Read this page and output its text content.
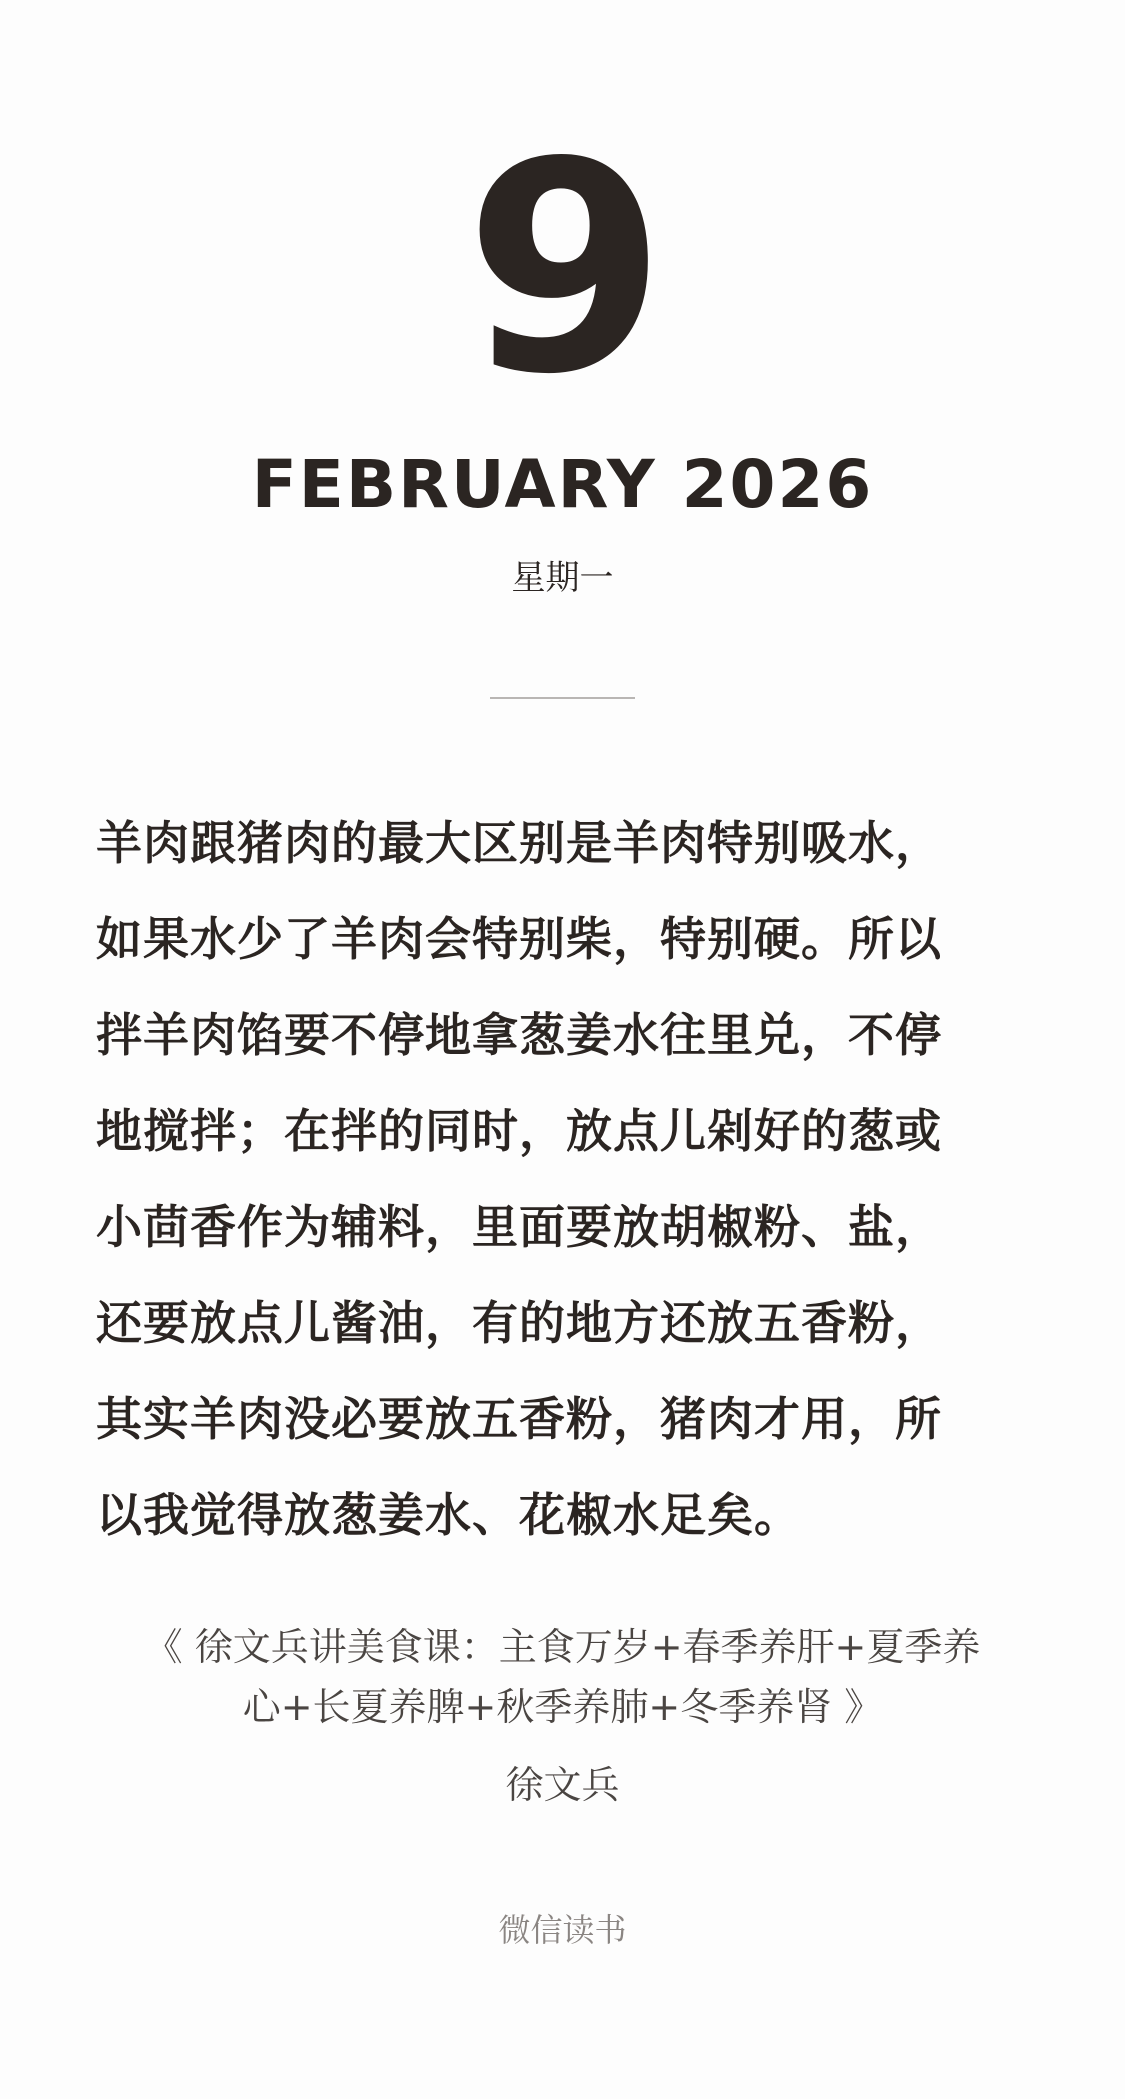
9
FEBRUARY 2026
星期一

羊肉跟猪肉的最大区别是羊肉特别吸水，
如果水少了羊肉会特别柴，特别硬。所以
拌羊肉馅要不停地拿葱姜水往里兑，不停
地搅拌；在拌的同时，放点儿剁好的葱或
小茴香作为辅料，里面要放胡椒粉、盐，
还要放点儿酱油，有的地方还放五香粉，
其实羊肉没必要放五香粉，猪肉才用，所
以我觉得放葱姜水、花椒水足矣。

《 徐文兵讲美食课：主食万岁+春季养肝+夏季养
心+长夏养脾+秋季养肺+冬季养肾 》

徐文兵
微信读书
